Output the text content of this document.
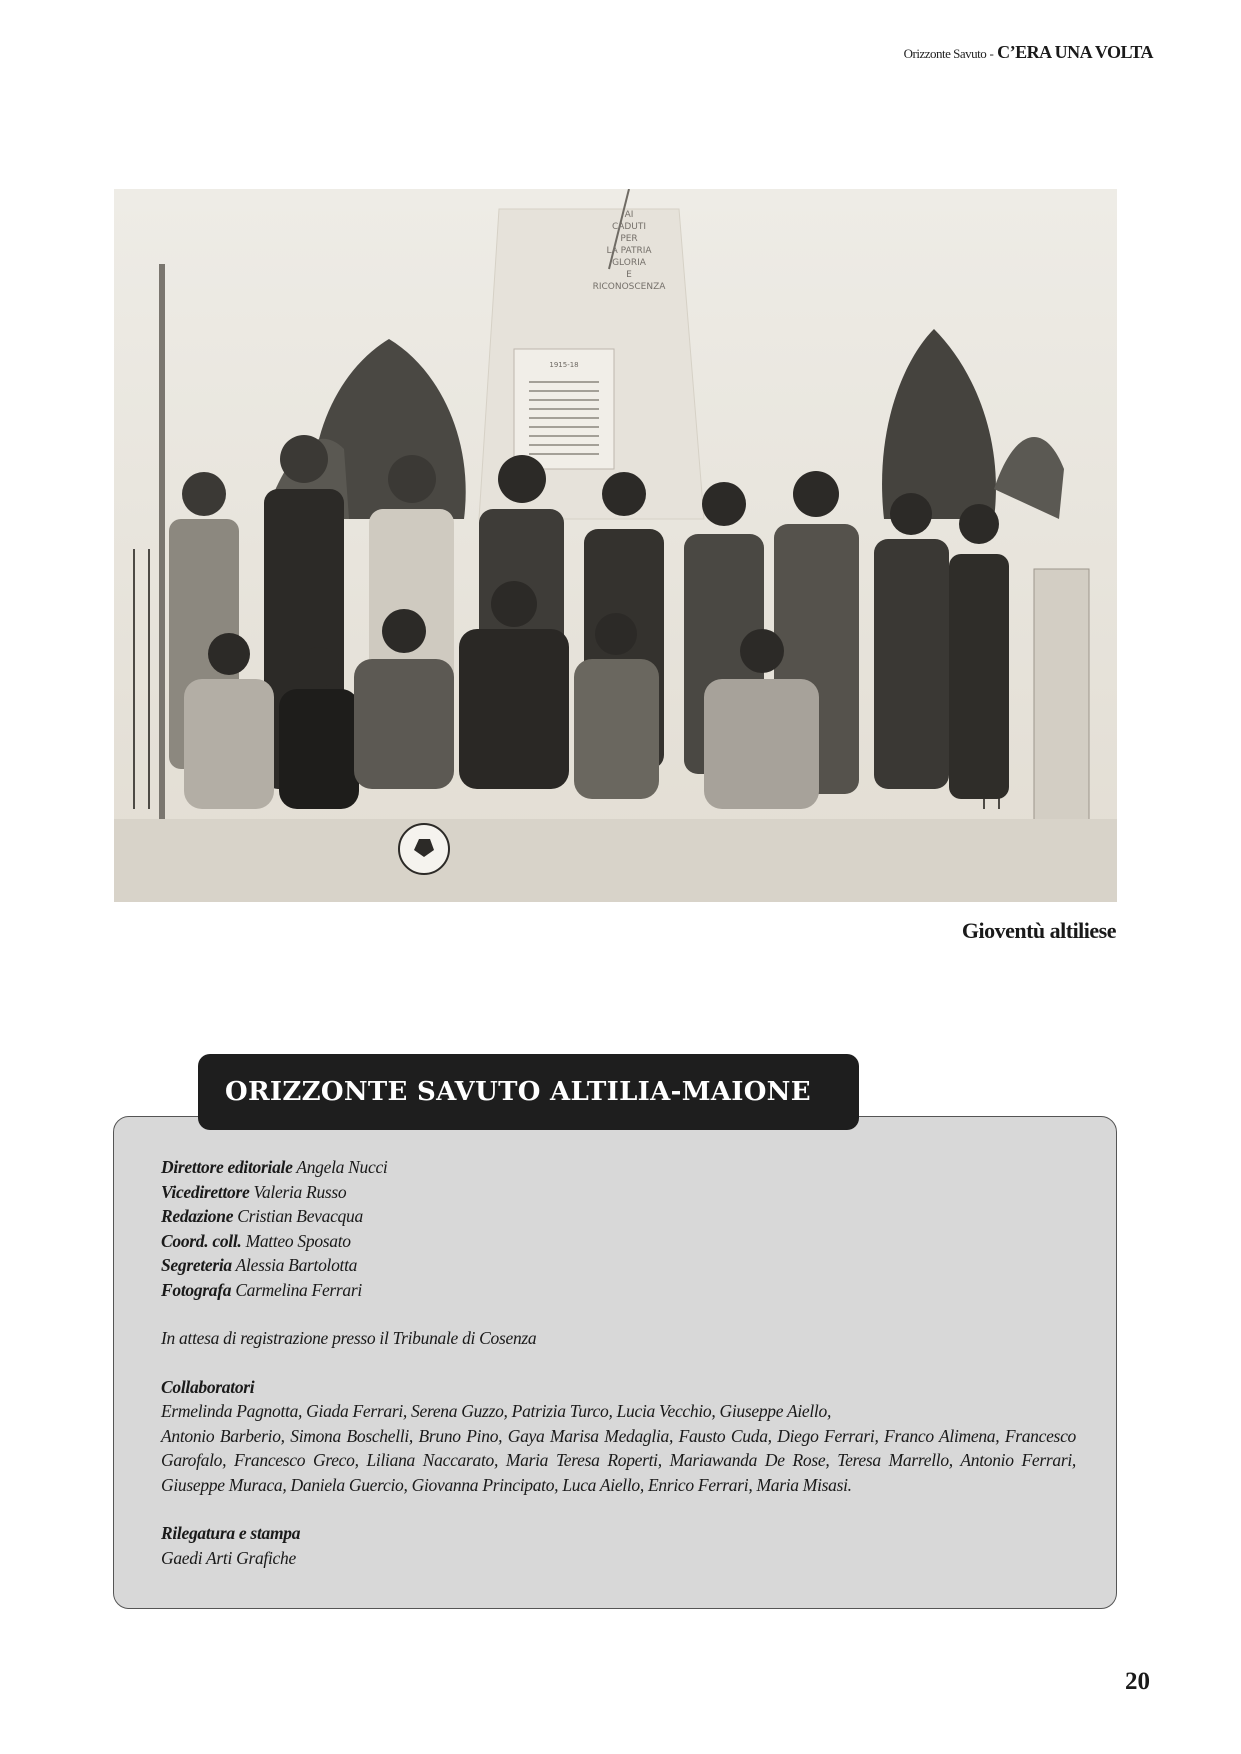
Orizzonte Savuto - C’ERA UNA VOLTA
AI
CADUTI
PER
LA PATRIA
GLORIA
E
RICONOSCENZA
1915-18
Gioventù altiliese
ORIZZONTE SAVUTO ALTILIA-MAIONE
Direttore editoriale Angela Nucci
Vicedirettore Valeria Russo
Redazione Cristian Bevacqua
Coord. coll. Matteo Sposato
Segreteria Alessia Bartolotta
Fotografa Carmelina Ferrari
In attesa di registrazione presso il Tribunale di Cosenza
Collaboratori
Ermelinda Pagnotta, Giada Ferrari, Serena Guzzo, Patrizia Turco, Lucia Vecchio, Giuseppe Aiello,
Antonio Barberio, Simona Boschelli, Bruno Pino, Gaya Marisa Medaglia, Fausto Cuda, Diego Ferrari, Franco Alimena, Francesco Garofalo, Francesco Greco, Liliana Naccarato, Maria Teresa Roperti, Mariawanda De Rose, Teresa Marrello, Antonio Ferrari, Giuseppe Muraca, Daniela Guercio, Giovanna Principato, Luca Aiello, Enrico Ferrari, Maria Misasi.
Rilegatura e stampa
Gaedi Arti Grafiche
20
